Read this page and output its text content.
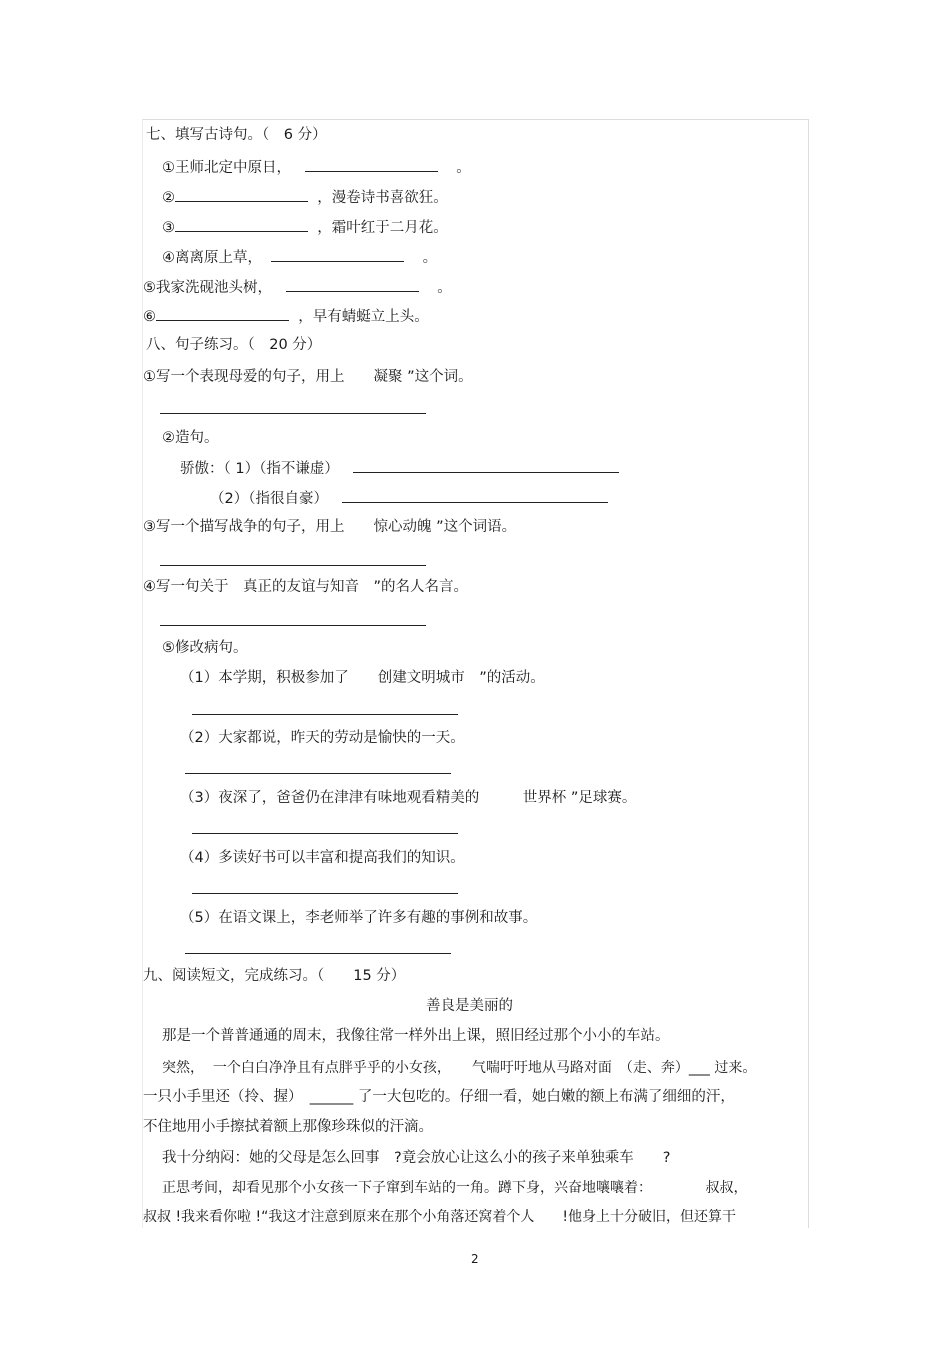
七、填写古诗句。（　6 分）
①王师北定中原日，	。
②	，漫卷诗书喜欲狂。
③	，霜叶红于二月花。
④离离原上草，	。
⑤我家洗砚池头树，	。
⑥	，早有蜻蜓立上头。
八、句子练习。（　20 分）
①写一个表现母爱的句子，用上　　凝聚 ”这个词。
②造句。
骄傲：（ 1）（指不谦虚）
（2）（指很自豪）
③写一个描写战争的句子，用上　　惊心动魄 ”这个词语。
④写一句关于　真正的友谊与知音　”的名人名言。
⑤修改病句。
（1）本学期，积极参加了　　创建文明城市　”的活动。
（2）大家都说，昨天的劳动是愉快的一天。
（3）夜深了，爸爸仍在津津有味地观看精美的　　　世界杯 ”足球赛。
（4）多读好书可以丰富和提高我们的知识。
（5）在语文课上，李老师举了许多有趣的事例和故事。
九、阅读短文，完成练习。（　　15 分）
善良是美丽的
那是一个普普通通的周末，我像往常一样外出上课，照旧经过那个小小的车站。
突然，  一个白白净净且有点胖乎乎的小女孩，　　气喘吁吁地从马路对面　（走、奔）___ 过来。
一只小手里还（拎、握）　______ 了一大包吃的。仔细一看，她白嫩的额上布满了细细的汗，
不住地用小手擦拭着额上那像珍珠似的汗滴。
我十分纳闷：她的父母是怎么回事　?竟会放心让这么小的孩子来单独乘车　　?
正思考间，却看见那个小女孩一下子窜到车站的一角。蹲下身，兴奋地嚷嚷着：　　　　 叔叔，
叔叔 !我来看你啦 !“我这才注意到原来在那个小角落还窝着个人　　!他身上十分破旧，但还算干
2
